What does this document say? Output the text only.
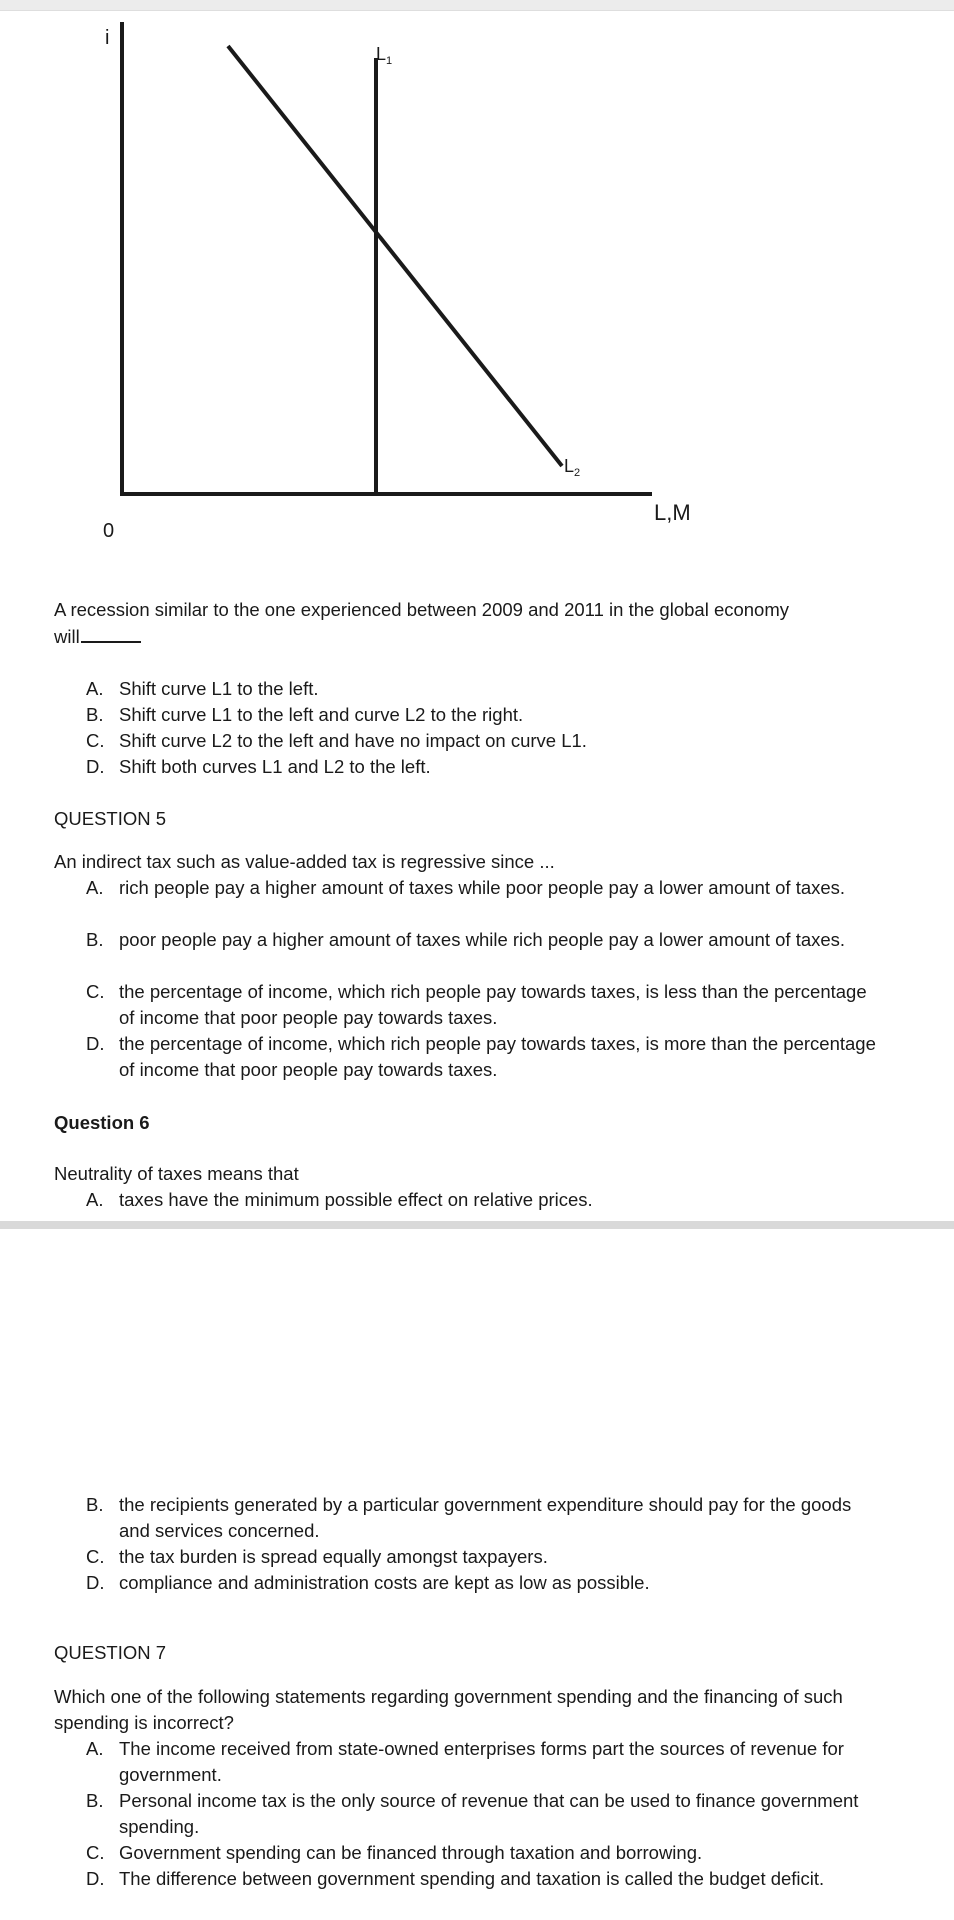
i
0
L,M
$L_1$
$L_2$

A recession similar to the one experienced between 2009 and 2011 in the global economy

will

A. Shift curve L1 to the left.
B. Shift curve L1 to the left and curve L2 to the right.
C. Shift curve L2 to the left and have no impact on curve L1.
D. Shift both curves L1 and L2 to the left.

QUESTION 5

An indirect tax such as value-added tax is regressive since ...

A. rich people pay a higher amount of taxes while poor people pay a lower amount of taxes.
B. poor people pay a higher amount of taxes while rich people pay a lower amount of taxes.
C. the percentage of income, which rich people pay towards taxes, is less than the percentage of income that poor people pay towards taxes.
D. the percentage of income, which rich people pay towards taxes, is more than the percentage of income that poor people pay towards taxes.

Question 6

Neutrality of taxes means that

A. taxes have the minimum possible effect on relative prices.
B. the recipients generated by a particular government expenditure should pay for the goods and services concerned.
C. the tax burden is spread equally amongst taxpayers.
D. compliance and administration costs are kept as low as possible.

QUESTION 7

Which one of the following statements regarding government spending and the financing of such spending is incorrect?

A. The income received from state-owned enterprises forms part the sources of revenue for government.
B. Personal income tax is the only source of revenue that can be used to finance government spending.
C. Government spending can be financed through taxation and borrowing.
D. The difference between government spending and taxation is called the budget deficit.
